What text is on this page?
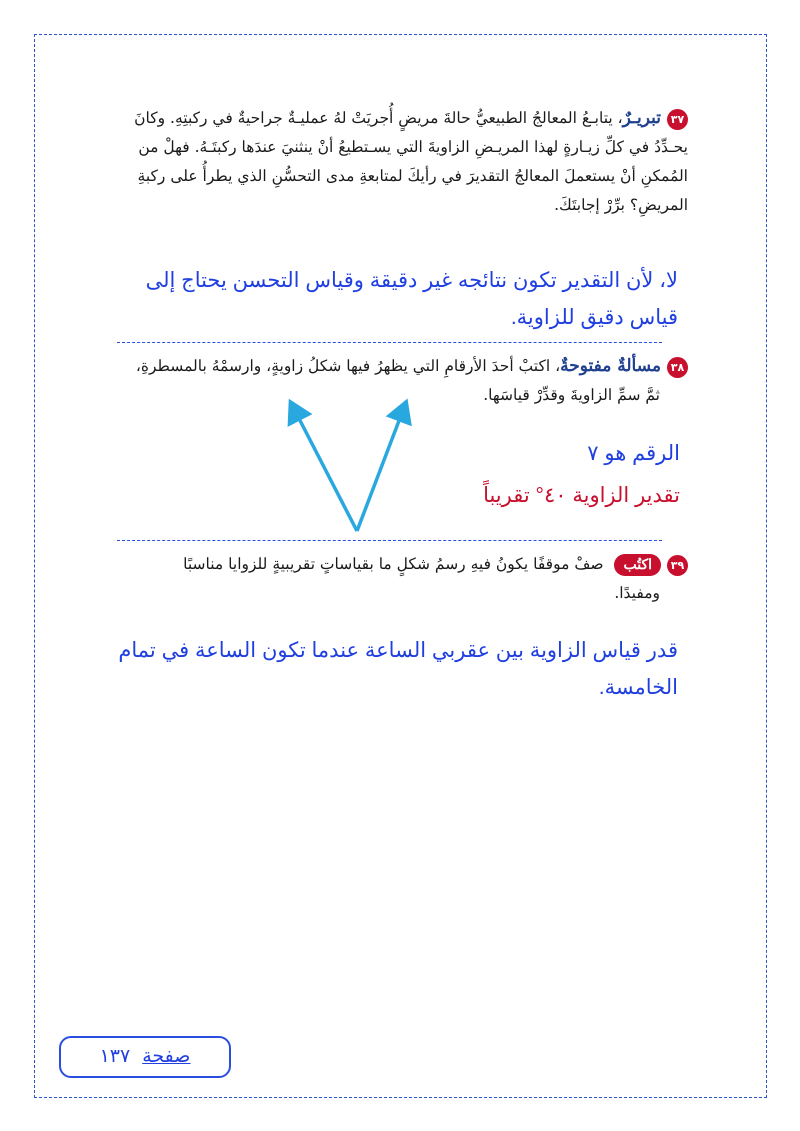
٣٧تبريـرٌ، يتابـعُ المعالجُ الطبيعيُّ حالةَ مريضٍ أُجريَتْ لهُ عمليـةٌ جراحيةٌ في ركبتِهِ. وكانَ
يحـدِّدُ في كلِّ زيـارةٍ لهذا المريـضِ الزاويةَ التي يسـتطيعُ أنْ ينثنيَ عندَها ركبتَـهُ. فهلْ من
المُمكنِ أنْ يستعملَ المعالجُ التقديرَ في رأيكَ لمتابعةِ مدى التحسُّنِ الذي يطرأُ على ركبةِ
المريضِ؟ برِّرْ إجابتَكَ.
لا، لأن التقدير تكون نتائجه غير دقيقة وقياس التحسن يحتاج إلى
قياس دقيق للزاوية.
٣٨مسألةٌ مفتوحةٌ، اكتبْ أحدَ الأرقامِ التي يظهرُ فيها شكلُ زاويةٍ، وارسمْهُ بالمسطرةِ،
ثمَّ سمِّ الزاويةَ وقدِّرْ قياسَها.
الرقم هو ٧
تقدير الزاوية ٤٠° تقريباً
٣٩اكتُب صفْ موقفًا يكونُ فيهِ رسمُ شكلٍ ما بقياساتٍ تقريبيةٍ للزوايا مناسبًا
ومفيدًا.
قدر قياس الزاوية بين عقربي الساعة عندما تكون الساعة في تمام
الخامسة.
صفحة١٣٧
